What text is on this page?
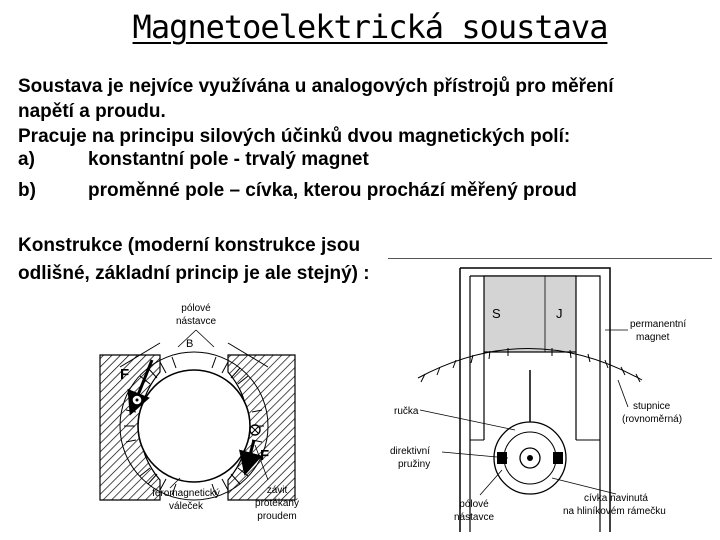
Magnetoelektrická soustava
Soustava je nejvíce využívána u analogových přístrojů pro měření
napětí a proudu.
Pracuje na principu silových účinků dvou magnetických polí:
a)	konstantní pole - trvalý magnet
b)	proměnné pole – cívka, kterou prochází měřený proud
Konstrukce (moderní konstrukce jsou
odlišné, základní princip je ale stejný) :
pólové
nástavce
B
F
F
feromagnetický
váleček
závit
protékaný
proudem
S	J
permanentní
magnet
ručka	stupnice
(rovnoměrná)
direktivní
pružiny
cívka navinutá
na hliníkovém rámečku
pólové
nástavce
